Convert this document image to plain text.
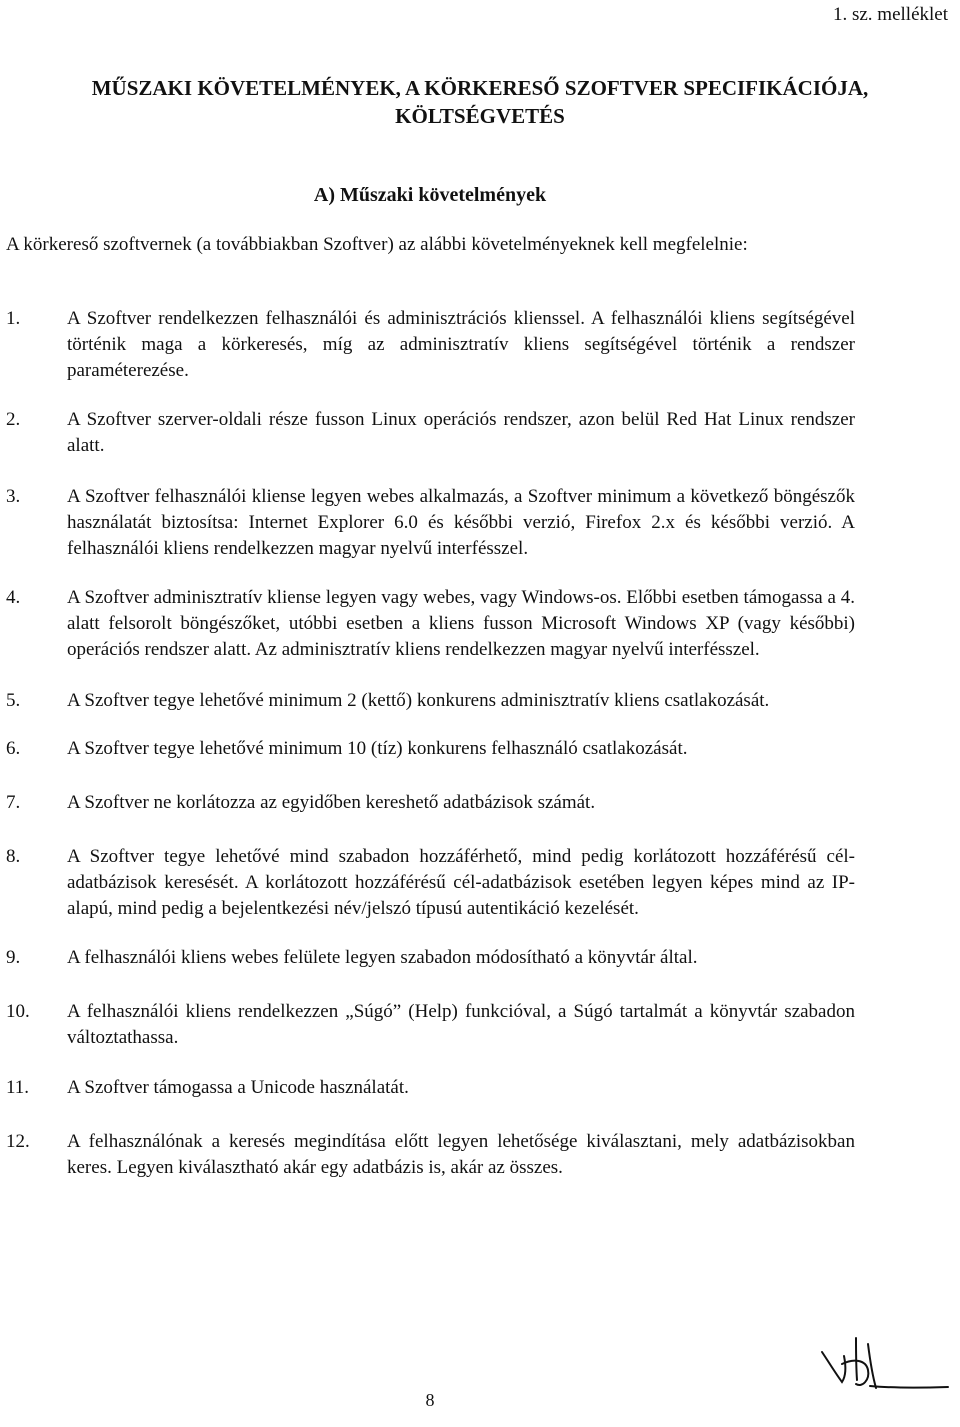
1. sz. melléklet
MŰSZAKI KÖVETELMÉNYEK, A KÖRKERESŐ SZOFTVER SPECIFIKÁCIÓJA,
KÖLTSÉGVETÉS
A) Műszaki követelmények
A körkereső szoftvernek (a továbbiakban Szoftver) az alábbi követelményeknek kell megfelelnie:
1. A Szoftver rendelkezzen felhasználói és adminisztrációs klienssel. A felhasználói kliens segítségével történik maga a körkeresés, míg az adminisztratív kliens segítségével történik a rendszer paraméterezése.
2. A Szoftver szerver-oldali része fusson Linux operációs rendszer, azon belül Red Hat Linux rendszer alatt.
3. A Szoftver felhasználói kliense legyen webes alkalmazás, a Szoftver minimum a következő böngészők használatát biztosítsa: Internet Explorer 6.0 és későbbi verzió, Firefox 2.x és későbbi verzió. A felhasználói kliens rendelkezzen magyar nyelvű interfésszel.
4. A Szoftver adminisztratív kliense legyen vagy webes, vagy Windows-os. Előbbi esetben támogassa a 4. alatt felsorolt böngészőket, utóbbi esetben a kliens fusson Microsoft Windows XP (vagy későbbi) operációs rendszer alatt. Az adminisztratív kliens rendelkezzen magyar nyelvű interfésszel.
5. A Szoftver tegye lehetővé minimum 2 (kettő) konkurens adminisztratív kliens csatlakozását.
6. A Szoftver tegye lehetővé minimum 10 (tíz) konkurens felhasználó csatlakozását.
7. A Szoftver ne korlátozza az egyidőben kereshető adatbázisok számát.
8. A Szoftver tegye lehetővé mind szabadon hozzáférhető, mind pedig korlátozott hozzáférésű cél-adatbázisok keresését. A korlátozott hozzáférésű cél-adatbázisok esetében legyen képes mind az IP-alapú, mind pedig a bejelentkezési név/jelszó típusú autentikáció kezelését.
9. A felhasználói kliens webes felülete legyen szabadon módosítható a könyvtár által.
10. A felhasználói kliens rendelkezzen „Súgó” (Help) funkcióval, a Súgó tartalmát a könyvtár szabadon változtathassa.
11. A Szoftver támogassa a Unicode használatát.
12. A felhasználónak a keresés megindítása előtt legyen lehetősége kiválasztani, mely adatbázisokban keres. Legyen kiválasztható akár egy adatbázis is, akár az összes.
8
